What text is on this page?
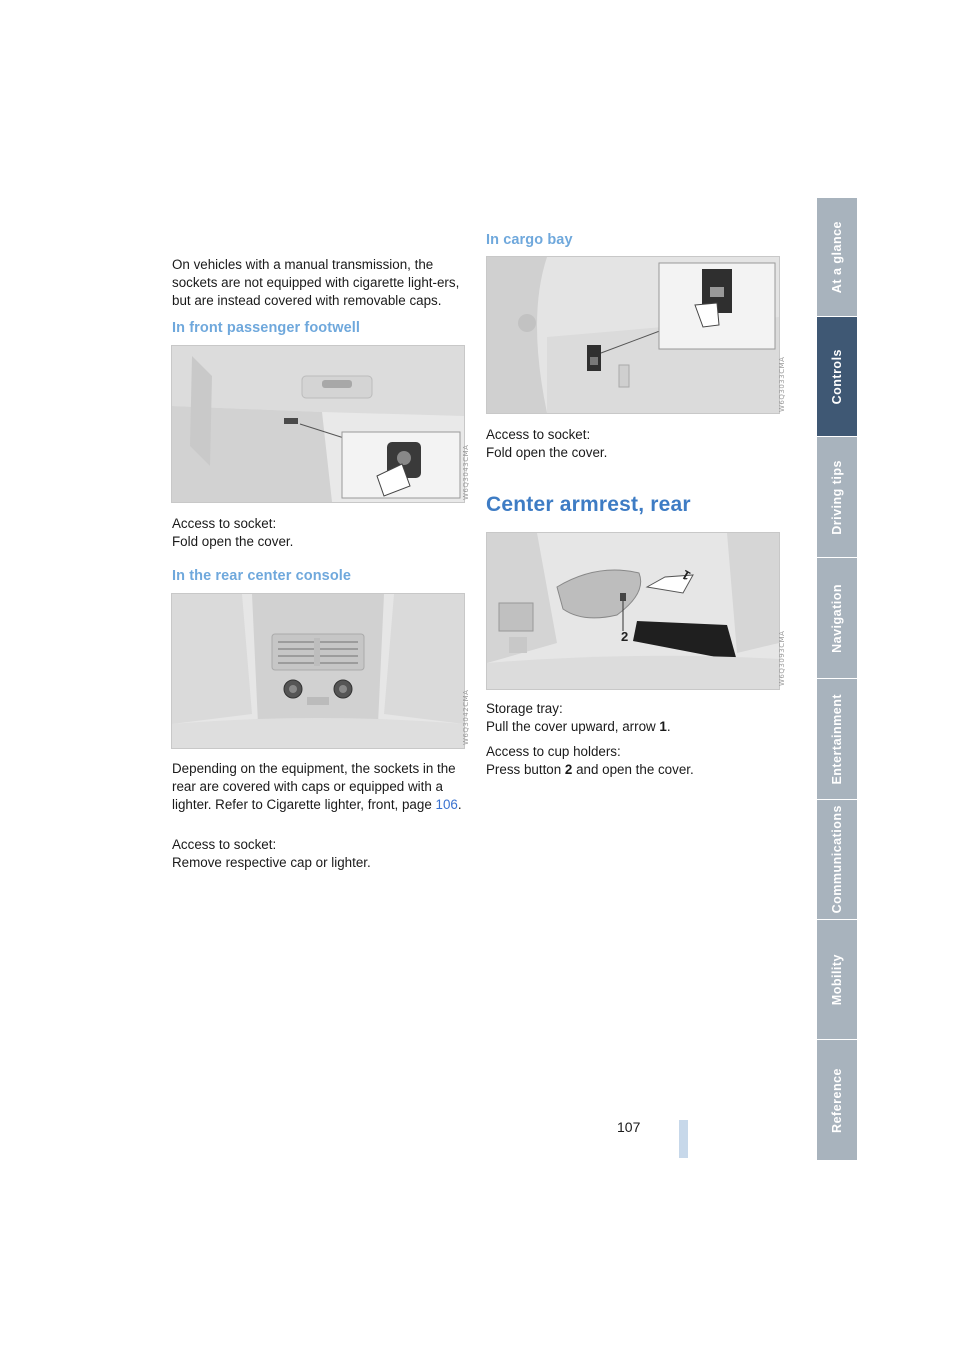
On vehicles with a manual transmission, the sockets are not equipped with cigarette light-ers, but are instead covered with removable caps.

In front passenger footwell
W6Q3043CMA

Access to socket:

Fold open the cover.

In the rear center console
W6Q3042CMA

Depending on the equipment, the sockets in the rear are covered with caps or equipped with a lighter. Refer to Cigarette lighter, front, page 106.

Access to socket:

Remove respective cap or lighter.

In cargo bay
W6Q3033CMA

Access to socket:

Fold open the cover.

Center armrest, rear
2
1
W6Q3093CMA

Storage tray:

Pull the cover upward, arrow 1.

Access to cup holders:

Press button 2 and open the cover.

At a glance
Controls
Driving tips
Navigation
Entertainment
Communications
Mobility
Reference
107
